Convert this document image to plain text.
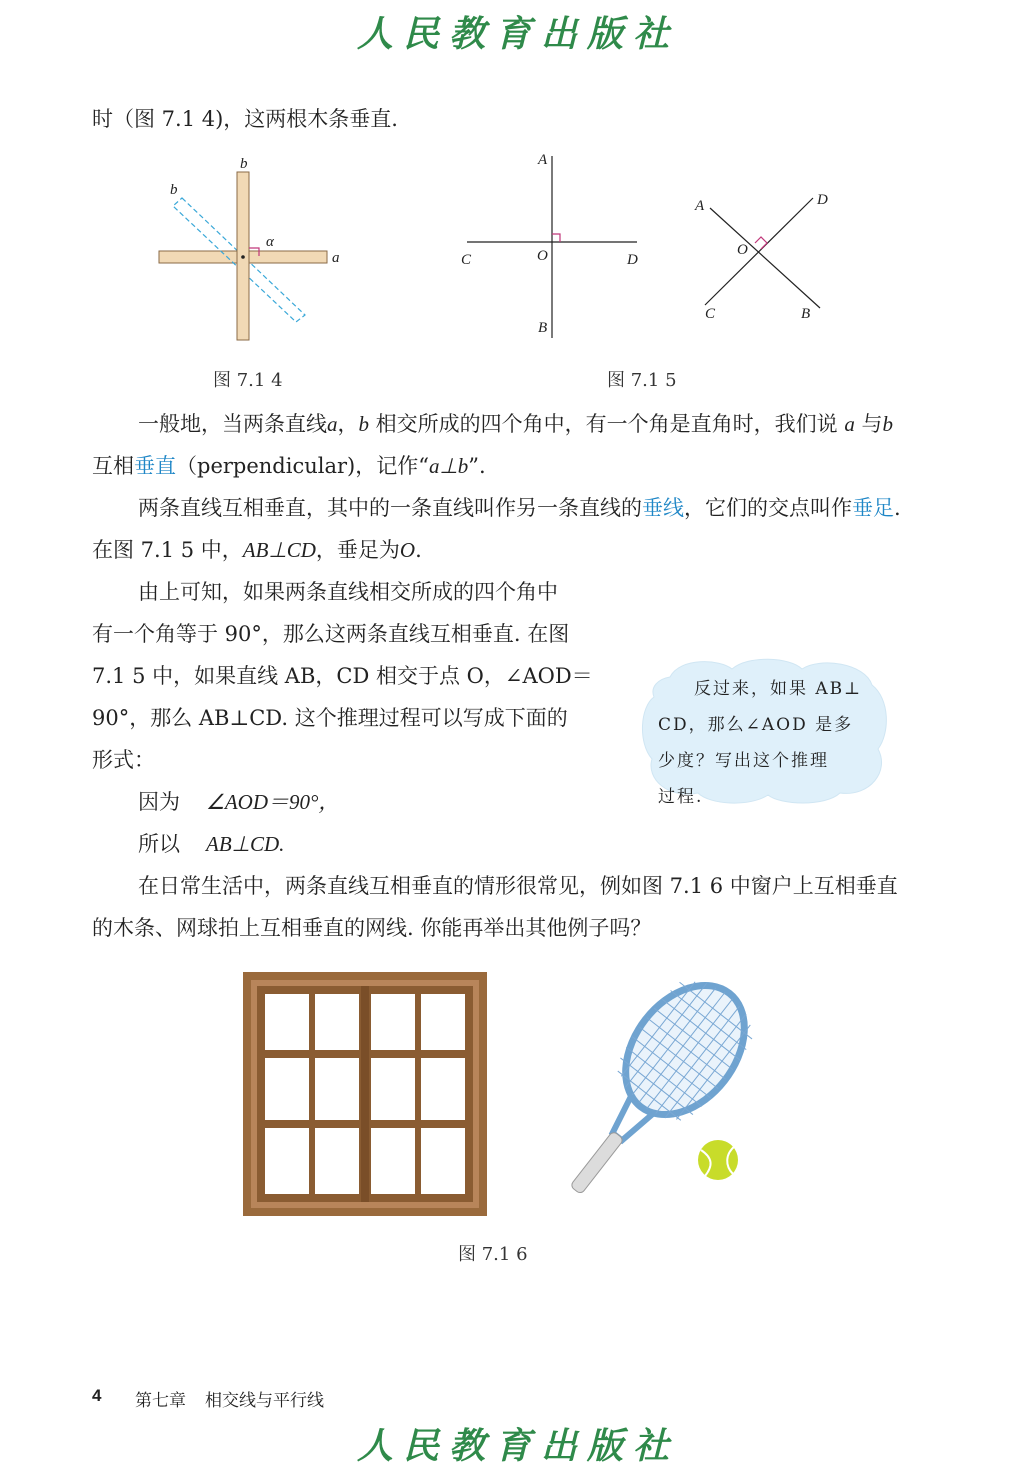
人民教育出版社
时（图 7.1 4)，这两根木条垂直.
b
b
α
a
图 7.1 4
A
B
C	D
O
A
B
C
D
O
图 7.1 5
一般地，当两条直线a，b 相交所成的四个角中，有一个角是直角时，我们说 a 与b 互相垂直（perpendicular)，记作“a⊥b”.
两条直线互相垂直，其中的一条直线叫作另一条直线的垂线，它们的交点叫作垂足. 在图 7.1 5 中，AB⊥CD，垂足为O.
由上可知，如果两条直线相交所成的四个角中
有一个角等于 90°，那么这两条直线互相垂直. 在图
7.1 5 中，如果直线 AB，CD 相交于点 O，∠AOD＝
90°，那么 AB⊥CD. 这个推理过程可以写成下面的
形式：
因为 ∠AOD＝90°，
所以 AB⊥CD.
反过来，如果 AB⊥
CD，那么∠AOD 是多
少度？写出这个推理
过程.
在日常生活中，两条直线互相垂直的情形很常见，例如图 7.1 6 中窗户上互相垂直的木条、网球拍上互相垂直的网线. 你能再举出其他例子吗？
图 7.1 6
4 第七章 相交线与平行线
人民教育出版社
